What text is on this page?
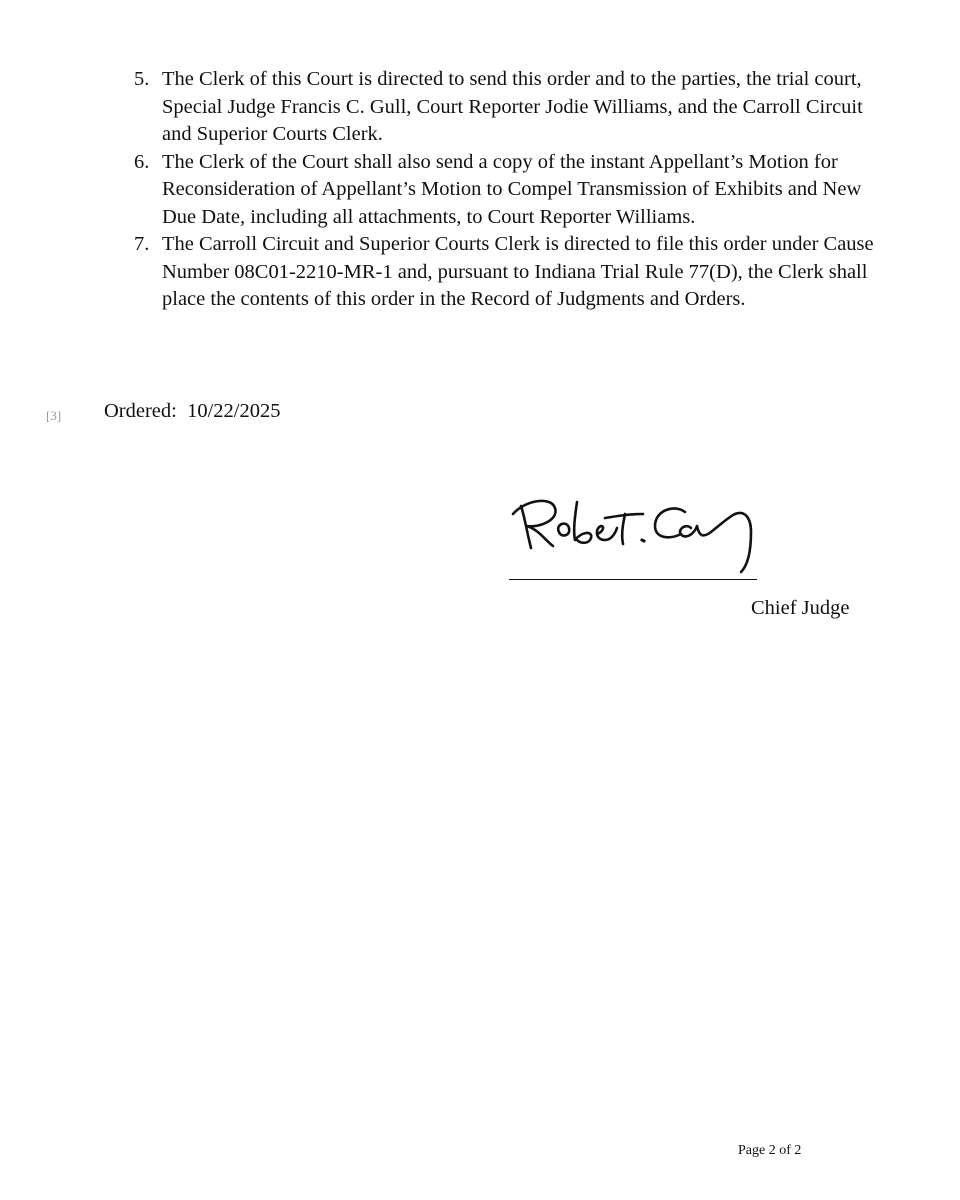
5. The Clerk of this Court is directed to send this order and to the parties, the trial court, Special Judge Francis C. Gull, Court Reporter Jodie Williams, and the Carroll Circuit and Superior Courts Clerk.
6. The Clerk of the Court shall also send a copy of the instant Appellant’s Motion for Reconsideration of Appellant’s Motion to Compel Transmission of Exhibits and New Due Date, including all attachments, to Court Reporter Williams.
7. The Carroll Circuit and Superior Courts Clerk is directed to file this order under Cause Number 08C01-2210-MR-1 and, pursuant to Indiana Trial Rule 77(D), the Clerk shall place the contents of this order in the Record of Judgments and Orders.
[3] Ordered: 10/22/2025
Chief Judge
Page 2 of 2
